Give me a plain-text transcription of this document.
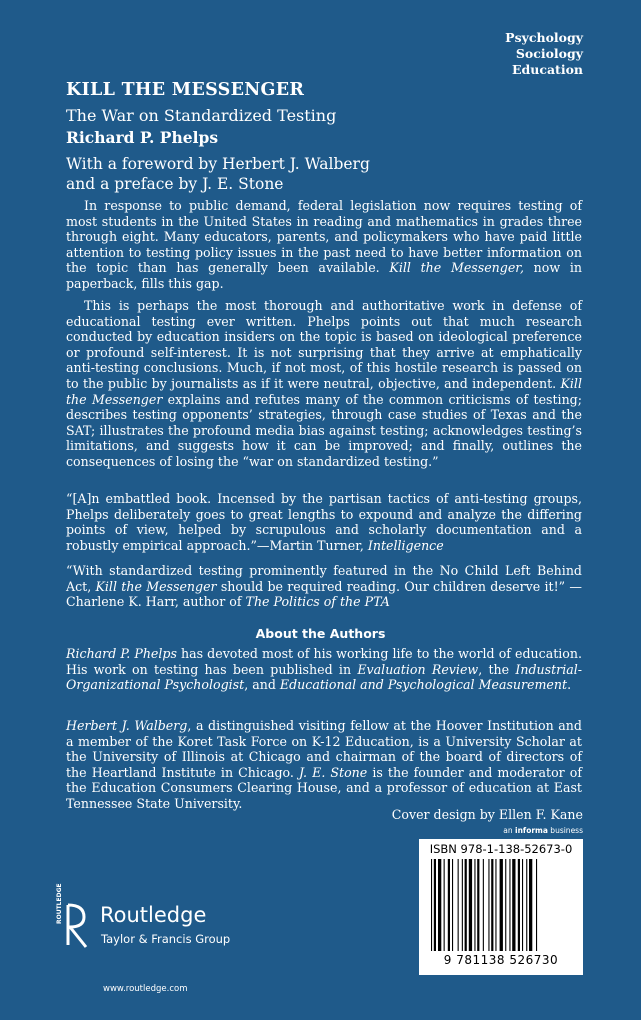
Psychology
Sociology
Education
KILL THE MESSENGER
The War on Standardized Testing
Richard P. Phelps
With a foreword by Herbert J. Walberg
and a preface by J. E. Stone
In response to public demand, federal legislation now requires testing of most students in the United States in reading and mathematics in grades three through eight. Many educators, parents, and policymakers who have paid little attention to testing policy issues in the past need to have better information on the topic than has generally been available. Kill the Messenger, now in paperback, fills this gap.
This is perhaps the most thorough and authoritative work in defense of educational testing ever written. Phelps points out that much research conducted by education insiders on the topic is based on ideological preference or profound self-interest. It is not surprising that they arrive at emphatically anti-testing conclusions. Much, if not most, of this hostile research is passed on to the public by journalists as if it were neutral, objective, and independent. Kill the Messenger explains and refutes many of the common criticisms of testing; describes testing opponents’ strategies, through case studies of Texas and the SAT; illustrates the profound media bias against testing; acknowledges testing’s limitations, and suggests how it can be improved; and finally, outlines the consequences of losing the “war on standardized testing.”
“[A]n embattled book. Incensed by the partisan tactics of anti-testing groups, Phelps deliberately goes to great lengths to expound and analyze the differing points of view, helped by scrupulous and scholarly documentation and a robustly empirical approach.”—Martin Turner, Intelligence
“With standardized testing prominently featured in the No Child Left Behind Act, Kill the Messenger should be required reading. Our children deserve it!” —Charlene K. Harr, author of The Politics of the PTA
About the Authors
Richard P. Phelps has devoted most of his working life to the world of education. His work on testing has been published in Evaluation Review, the Industrial-Organizational Psychologist, and Educational and Psychological Measurement.
Herbert J. Walberg, a distinguished visiting fellow at the Hoover Institution and a member of the Koret Task Force on K-12 Education, is a University Scholar at the University of Illinois at Chicago and chairman of the board of directors of the Heartland Institute in Chicago. J. E. Stone is the founder and moderator of the Education Consumers Clearing House, and a professor of education at East Tennessee State University.
Cover design by Ellen F. Kane
an informa business
ISBN 978-1-138-52673-0
9 781138 526730
ROUTLEDGE Routledge
Taylor & Francis Group
www.routledge.com
